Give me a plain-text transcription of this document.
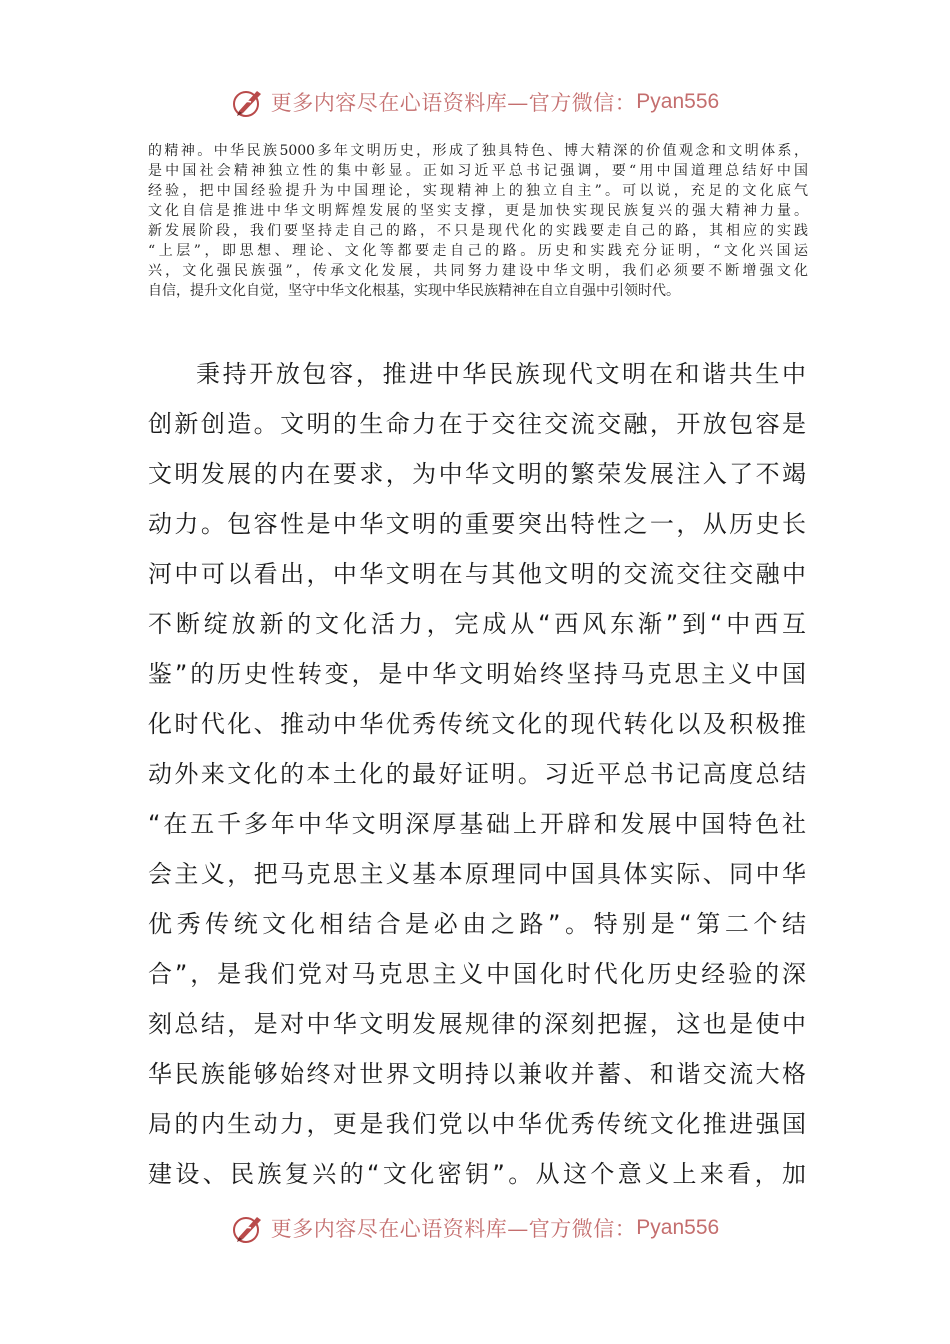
更多内容尽在心语资料库—官方微信： Pyan556
的精神。中华民族5000多年文明历史，形成了独具特色、博大精深的价值观念和文明体系，
是中国社会精神独立性的集中彰显。正如习近平总书记强调，要“用中国道理总结好中国
经验，把中国经验提升为中国理论，实现精神上的独立自主”。可以说，充足的文化底气
文化自信是推进中华文明辉煌发展的坚实支撑，更是加快实现民族复兴的强大精神力量。
新发展阶段，我们要坚持走自己的路，不只是现代化的实践要走自己的路，其相应的实践
“上层”，即思想、理论、文化等都要走自己的路。历史和实践充分证明，“文化兴国运
兴，文化强民族强”，传承文化发展，共同努力建设中华文明，我们必须要不断增强文化
自信，提升文化自觉，坚守中华文化根基，实现中华民族精神在自立自强中引领时代。
秉持开放包容，推进中华民族现代文明在和谐共生中
创新创造。文明的生命力在于交往交流交融，开放包容是
文明发展的内在要求，为中华文明的繁荣发展注入了不竭
动力。包容性是中华文明的重要突出特性之一，从历史长
河中可以看出，中华文明在与其他文明的交流交往交融中
不断绽放新的文化活力，完成从“西风东渐”到“中西互
鉴”的历史性转变，是中华文明始终坚持马克思主义中国
化时代化、推动中华优秀传统文化的现代转化以及积极推
动外来文化的本土化的最好证明。习近平总书记高度总结
“在五千多年中华文明深厚基础上开辟和发展中国特色社
会主义，把马克思主义基本原理同中国具体实际、同中华
优秀传统文化相结合是必由之路”。特别是“第二个结
合”，是我们党对马克思主义中国化时代化历史经验的深
刻总结，是对中华文明发展规律的深刻把握，这也是使中
华民族能够始终对世界文明持以兼收并蓄、和谐交流大格
局的内生动力，更是我们党以中华优秀传统文化推进强国
建设、民族复兴的“文化密钥”。从这个意义上来看，加
更多内容尽在心语资料库—官方微信： Pyan556
